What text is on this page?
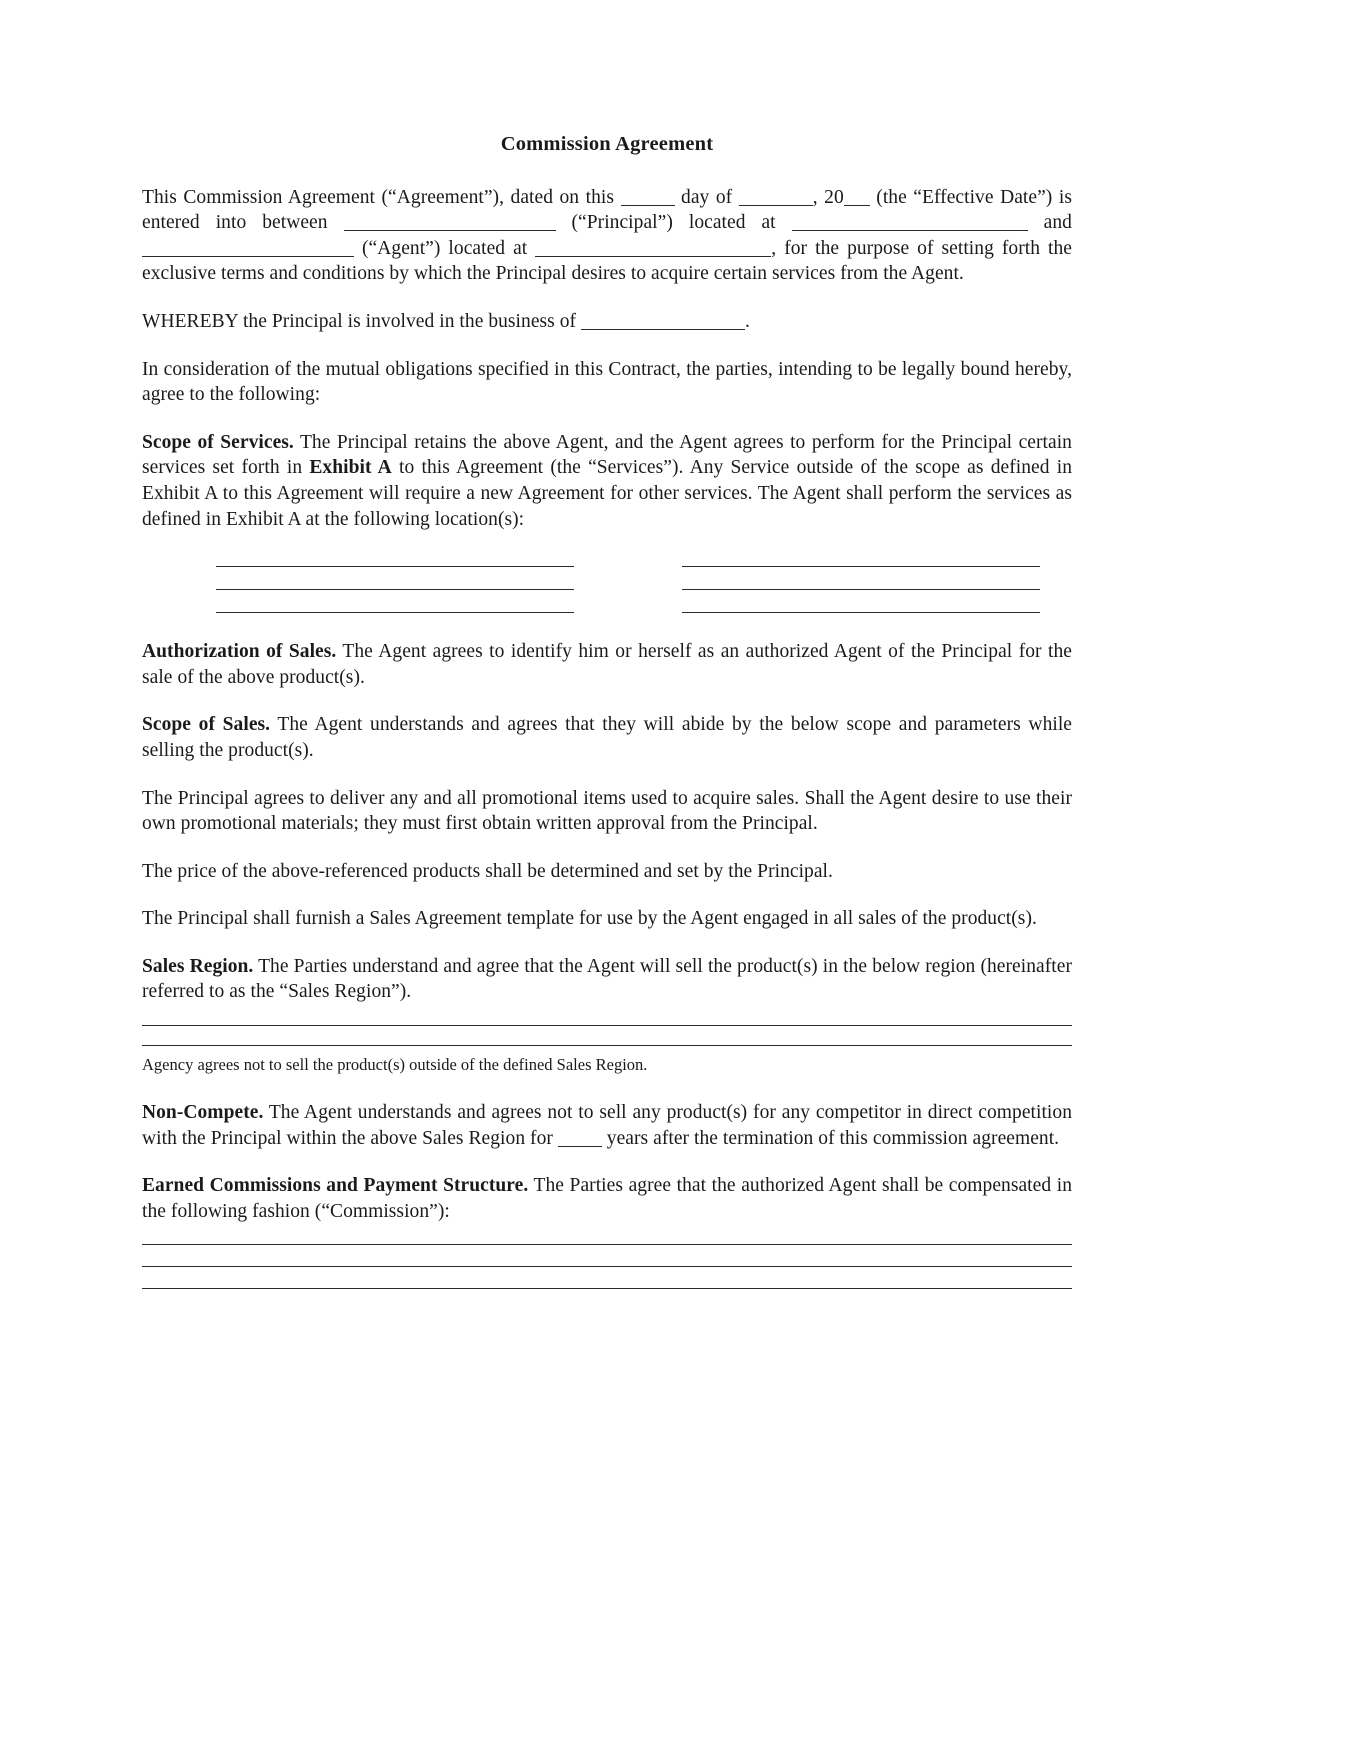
Commission Agreement

This Commission Agreement (“Agreement”), dated on this	day of	, 20 (the “Effective Date”) is entered into between	(“Principal”) located at	and  (“Agent”) located at	, for the purpose of setting forth the exclusive terms and conditions by which the Principal desires to acquire certain services from the Agent.

WHEREBY the Principal is involved in the business of	.

In consideration of the mutual obligations specified in this Contract, the parties, intending to be legally bound hereby, agree to the following:

Scope of Services. The Principal retains the above Agent, and the Agent agrees to perform for the Principal certain services set forth in Exhibit A to this Agreement (the “Services”). Any Service outside of the scope as defined in Exhibit A to this Agreement will require a new Agreement for other services. The Agent shall perform the services as defined in Exhibit A at the following location(s):

Authorization of Sales. The Agent agrees to identify him or herself as an authorized Agent of the Principal for the sale of the above product(s).

Scope of Sales. The Agent understands and agrees that they will abide by the below scope and parameters while selling the product(s).

The Principal agrees to deliver any and all promotional items used to acquire sales. Shall the Agent desire to use their own promotional materials; they must first obtain written approval from the Principal.

The price of the above-referenced products shall be determined and set by the Principal.

The Principal shall furnish a Sales Agreement template for use by the Agent engaged in all sales of the product(s).

Sales Region. The Parties understand and agree that the Agent will sell the product(s) in the below region (hereinafter referred to as the “Sales Region”).

Agency agrees not to sell the product(s) outside of the defined Sales Region.

Non-Compete. The Agent understands and agrees not to sell any product(s) for any competitor in direct competition with the Principal within the above Sales Region for  years after the termination of this commission agreement.

Earned Commissions and Payment Structure. The Parties agree that the authorized Agent shall be compensated in the following fashion (“Commission”):
